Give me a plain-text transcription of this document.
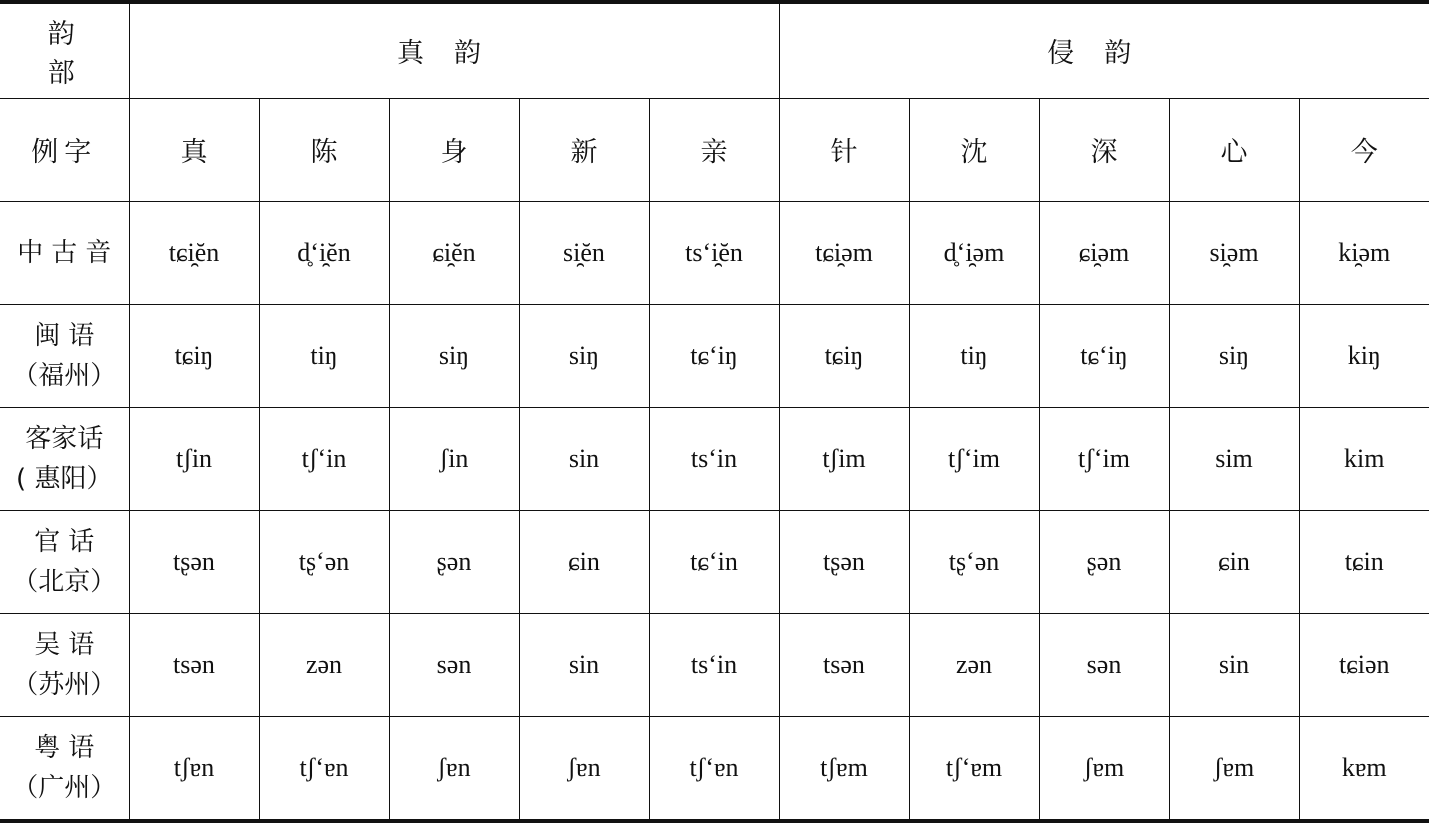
韵部	真韵					侵韵				
例字	真	陈	身	新	亲	针	沈	深	心	今

中古音	tɕi̯ĕn	d̥ʻi̯ĕn	ɕi̯ĕn	si̯ĕn	tsʻi̯ĕn	tɕi̯əm	d̥ʻi̯əm	ɕi̯əm	si̯əm	ki̯əm

闽语
（福州）	tɕiŋ	tiŋ	siŋ	siŋ	tɕʻiŋ	tɕiŋ	tiŋ	tɕʻiŋ	siŋ	kiŋ

客家话
( 惠阳）	tʃin	tʃʻin	ʃin	sin	tsʻin	tʃim	tʃʻim	tʃʻim	sim	kim

官话
（北京）	tʂən	tʂʻən	ʂən	ɕin	tɕʻin	tʂən	tʂʻən	ʂən	ɕin	tɕin

吴语
（苏州）	tsən	zən	sən	sin	tsʻin	tsən	zən	sən	sin	tɕiən

粤语
（广州）	tʃɐn	tʃʻɐn	ʃɐn	ʃɐn	tʃʻɐn	tʃɐm	tʃʻɐm	ʃɐm	ʃɐm	kɐm
